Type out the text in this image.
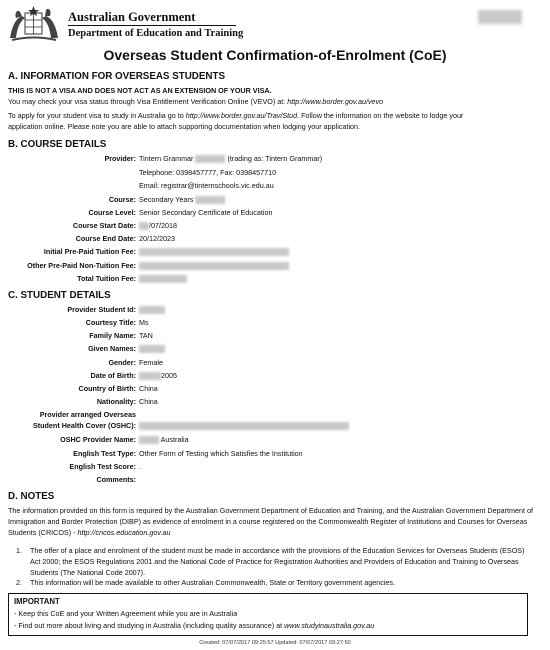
Australian Government
Department of Education and Training
Overseas Student Confirmation-of-Enrolment (CoE)
A. INFORMATION FOR OVERSEAS STUDENTS
THIS IS NOT A VISA AND DOES NOT ACT AS AN EXTENSION OF YOUR VISA.
You may check your visa status through Visa Entitlement Verification Online (VEVO) at: http://www.border.gov.au/vevo
To apply for your student visa to study in Australia go to http://www.border.gov.au/Trav/Stud. Follow the information on the website to lodge your
application online. Please note you are able to attach supporting documentation when lodging your application.
B. COURSE DETAILS
Provider: Tintern Grammar	(trading as: Tintern Grammar)
Telephone: 0398457777, Fax: 0398457710
Email: registrar@tinternschools.vic.edu.au
Course: Secondary Years
Course Level: Senior Secondary Certificate of Education
Course Start Date:	/07/2018
Course End Date: 20/12/2023
Initial Pre-Paid Tuition Fee:
Other Pre-Paid Non-Tuition Fee:
Total Tuition Fee:
C. STUDENT DETAILS
Provider Student Id:
Courtesy Title: Ms
Family Name: TAN
Given Names:
Gender: Female
Date of Birth:	2005
Country of Birth: China
Nationality: China
Provider arranged Overseas
Student Health Cover (OSHC):
OSHC Provider Name:	Australia
English Test Type: Other Form of Testing which Satisfies the Institution
English Test Score: .
Comments:
D. NOTES
The information provided on this form is required by the Australian Government Department of Education and Training, and the Australian Government Department of Immigration and Border Protection (DIBP) as evidence of enrolment in a course registered on the Commonwealth Register of Institutions and Courses for Overseas Students (CRICOS) - http://cricos.education.gov.au
1. The offer of a place and enrolment of the student must be made in accordance with the provisions of the Education Services for Overseas Students (ESOS) Act 2000; the ESOS Regulations 2001 and the National Code of Practice for Registration Authorities and Providers of Education and Training to Overseas Students (The National Code 2007).
2. This information will be made available to other Australian Commonwealth, State or Territory government agencies.
IMPORTANT
- Keep this CoE and your Written Agreement while you are in Australia
- Find out more about living and studying in Australia (including quality assurance) at www.studyinaustralia.gov.au
Created: 07/07/2017 09:25:57 Updated: 07/07/2017 09:27:50
